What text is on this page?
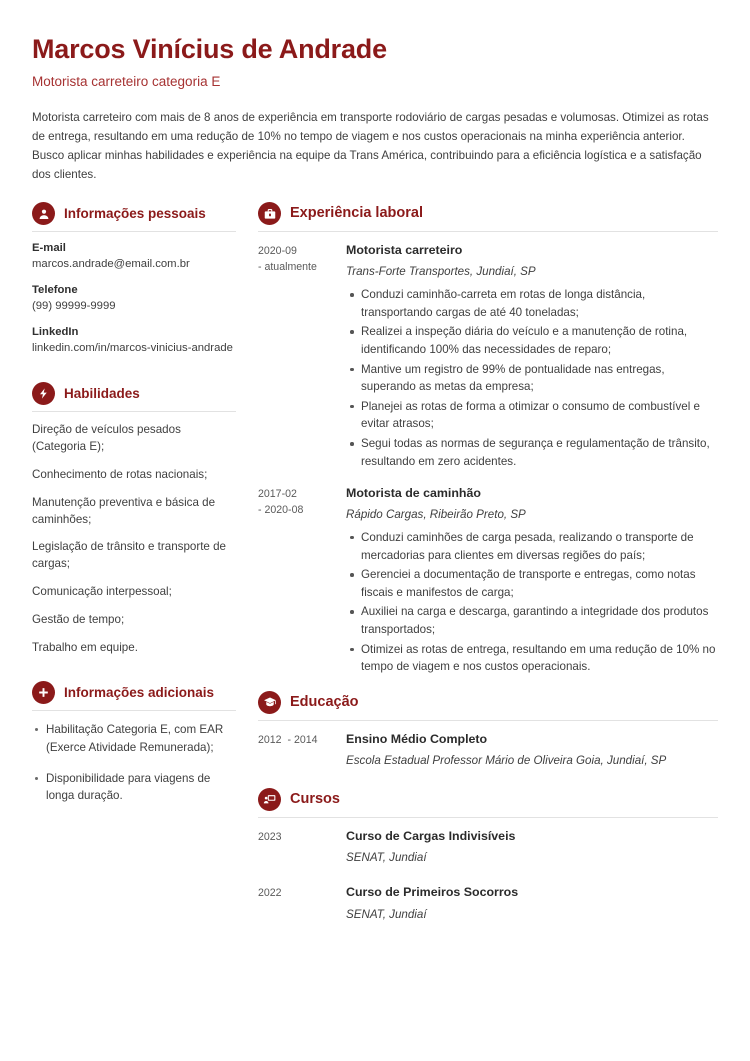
Marcos Vinícius de Andrade
Motorista carreteiro categoria E

Motorista carreteiro com mais de 8 anos de experiência em transporte rodoviário de cargas pesadas e volumosas. Otimizei as rotas de entrega, resultando em uma redução de 10% no tempo de viagem e nos custos operacionais na minha experiência anterior. Busco aplicar minhas habilidades e experiência na equipe da Trans América, contribuindo para a eficiência logística e a satisfação dos clientes.

Informações pessoais
E-mail
marcos.andrade@email.com.br
Telefone
(99) 99999-9999
LinkedIn
linkedin.com/in/marcos-vinicius-andrade
Habilidades
Direção de veículos pesados (Categoria E);
Conhecimento de rotas nacionais;
Manutenção preventiva e básica de caminhões;
Legislação de trânsito e transporte de cargas;
Comunicação interpessoal;
Gestão de tempo;
Trabalho em equipe.
Informações adicionais
Habilitação Categoria E, com EAR (Exerce Atividade Remunerada);
Disponibilidade para viagens de longa duração.
Experiência laboral
2020-09
- atualmente
Motorista carreteiro
Trans-Forte Transportes, Jundiaí, SP
Conduzi caminhão-carreta em rotas de longa distância, transportando cargas de até 40 toneladas;
Realizei a inspeção diária do veículo e a manutenção de rotina, identificando 100% das necessidades de reparo;
Mantive um registro de 99% de pontualidade nas entregas, superando as metas da empresa;
Planejei as rotas de forma a otimizar o consumo de combustível e evitar atrasos;
Segui todas as normas de segurança e regulamentação de trânsito, resultando em zero acidentes.
2017-02
- 2020-08
Motorista de caminhão
Rápido Cargas, Ribeirão Preto, SP
Conduzi caminhões de carga pesada, realizando o transporte de mercadorias para clientes em diversas regiões do país;
Gerenciei a documentação de transporte e entregas, como notas fiscais e manifestos de carga;
Auxiliei na carga e descarga, garantindo a integridade dos produtos transportados;
Otimizei as rotas de entrega, resultando em uma redução de 10% no tempo de viagem e nos custos operacionais.
Educação
2012 - 2014	Ensino Médio Completo
Escola Estadual Professor Mário de Oliveira Goia, Jundiaí, SP
Cursos
2023	Curso de Cargas Indivisíveis
SENAT, Jundiaí
2022	Curso de Primeiros Socorros
SENAT, Jundiaí
